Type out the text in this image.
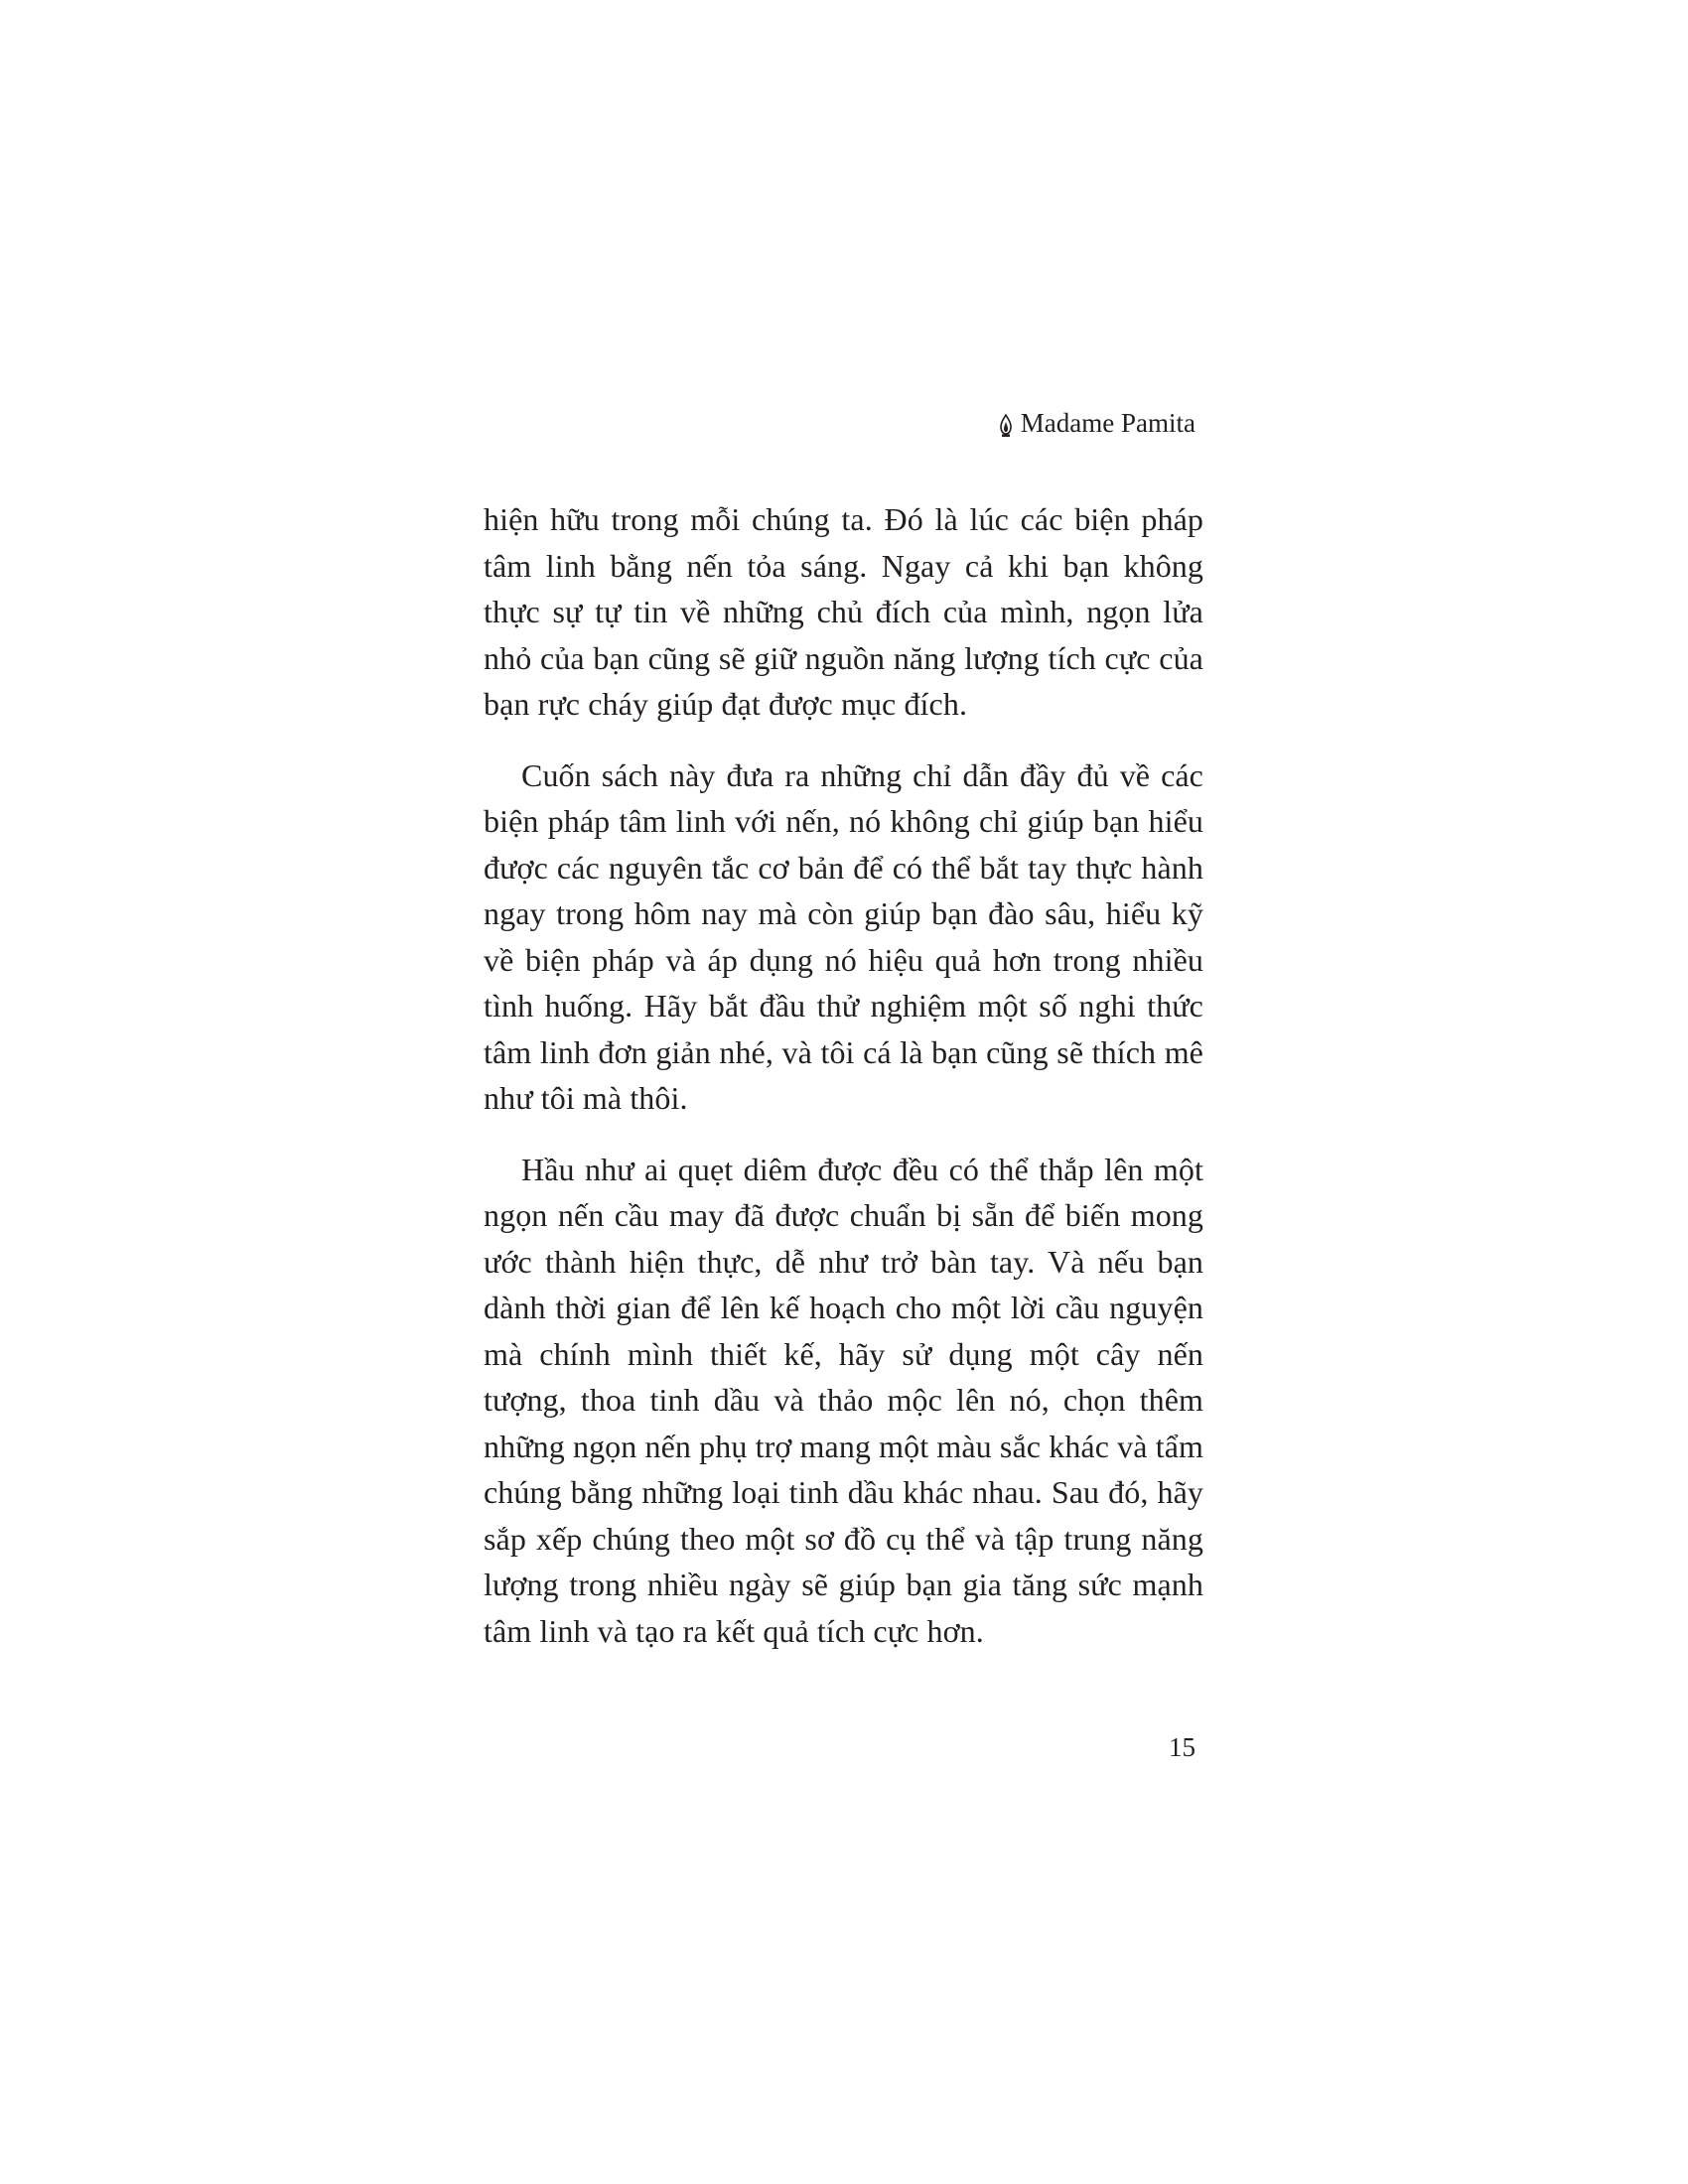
Madame Pamita

hiện hữu trong mỗi chúng ta. Đó là lúc các biện pháp tâm linh bằng nến tỏa sáng. Ngay cả khi bạn không thực sự tự tin về những chủ đích của mình, ngọn lửa nhỏ của bạn cũng sẽ giữ nguồn năng lượng tích cực của bạn rực cháy giúp đạt được mục đích.

Cuốn sách này đưa ra những chỉ dẫn đầy đủ về các biện pháp tâm linh với nến, nó không chỉ giúp bạn hiểu được các nguyên tắc cơ bản để có thể bắt tay thực hành ngay trong hôm nay mà còn giúp bạn đào sâu, hiểu kỹ về biện pháp và áp dụng nó hiệu quả hơn trong nhiều tình huống. Hãy bắt đầu thử nghiệm một số nghi thức tâm linh đơn giản nhé, và tôi cá là bạn cũng sẽ thích mê như tôi mà thôi.

Hầu như ai quẹt diêm được đều có thể thắp lên một ngọn nến cầu may đã được chuẩn bị sẵn để biến mong ước thành hiện thực, dễ như trở bàn tay. Và nếu bạn dành thời gian để lên kế hoạch cho một lời cầu nguyện mà chính mình thiết kế, hãy sử dụng một cây nến tượng, thoa tinh dầu và thảo mộc lên nó, chọn thêm những ngọn nến phụ trợ mang một màu sắc khác và tẩm chúng bằng những loại tinh dầu khác nhau. Sau đó, hãy sắp xếp chúng theo một sơ đồ cụ thể và tập trung năng lượng trong nhiều ngày sẽ giúp bạn gia tăng sức mạnh tâm linh và tạo ra kết quả tích cực hơn.

15
